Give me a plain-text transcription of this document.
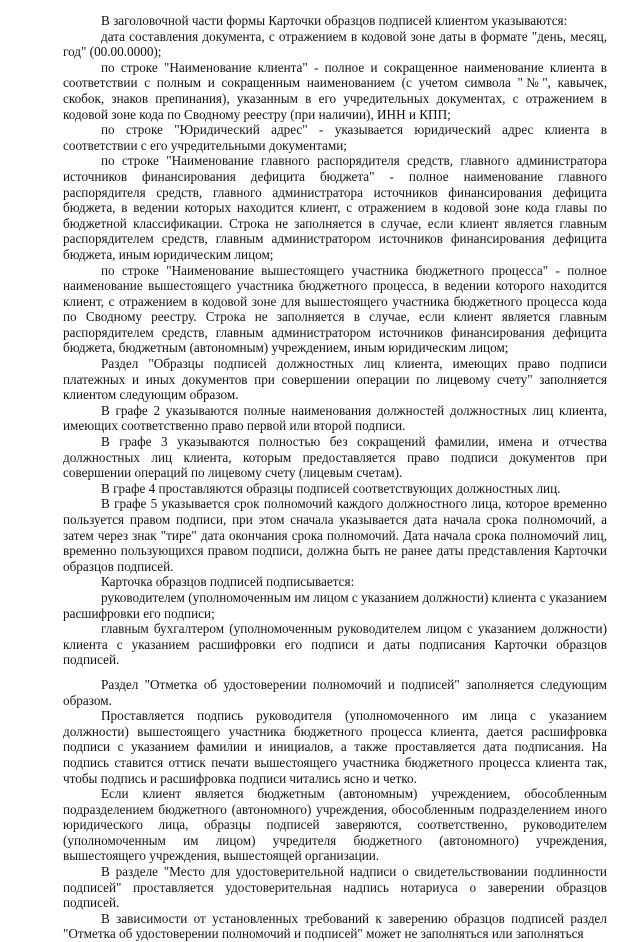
В заголовочной части формы Карточки образцов подписей клиентом указываются:

дата составления документа, с отражением в кодовой зоне даты в формате "день, месяц, год" (00.00.0000);

по строке "Наименование клиента" - полное и сокращенное наименование клиента в соответствии с полным и сокращенным наименованием (с учетом символа "№", кавычек, скобок, знаков препинания), указанным в его учредительных документах, с отражением в кодовой зоне кода по Сводному реестру (при наличии), ИНН и КПП;

по строке "Юридический адрес" - указывается юридический адрес клиента в соответствии с его учредительными документами;

по строке "Наименование главного распорядителя средств, главного администратора источников финансирования дефицита бюджета" - полное наименование главного распорядителя средств, главного администратора источников финансирования дефицита бюджета, в ведении которых находится клиент, с отражением в кодовой зоне кода главы по бюджетной классификации. Строка не заполняется в случае, если клиент является главным распорядителем средств, главным администратором источников финансирования дефицита бюджета, иным юридическим лицом;

по строке "Наименование вышестоящего участника бюджетного процесса" - полное наименование вышестоящего участника бюджетного процесса, в ведении которого находится клиент, с отражением в кодовой зоне для вышестоящего участника бюджетного процесса кода по Сводному реестру. Строка не заполняется в случае, если клиент является главным распорядителем средств, главным администратором источников финансирования дефицита бюджета, бюджетным (автономным) учреждением, иным юридическим лицом;

Раздел "Образцы подписей должностных лиц клиента, имеющих право подписи платежных и иных документов при совершении операции по лицевому счету" заполняется клиентом следующим образом.

В графе 2 указываются полные наименования должностей должностных лиц клиента, имеющих соответственно право первой или второй подписи.

В графе 3 указываются полностью без сокращений фамилии, имена и отчества должностных лиц клиента, которым предоставляется право подписи документов при совершении операций по лицевому счету (лицевым счетам).

В графе 4 проставляются образцы подписей соответствующих должностных лиц.

В графе 5 указывается срок полномочий каждого должностного лица, которое временно пользуется правом подписи, при этом сначала указывается дата начала срока полномочий, а затем через знак "тире" дата окончания срока полномочий. Дата начала срока полномочий лиц, временно пользующихся правом подписи, должна быть не ранее даты представления Карточки образцов подписей.

Карточка образцов подписей подписывается:

руководителем (уполномоченным им лицом с указанием должности) клиента с указанием расшифровки его подписи;

главным бухгалтером (уполномоченным руководителем лицом с указанием должности) клиента с указанием расшифровки его подписи и даты подписания Карточки образцов подписей.

Раздел "Отметка об удостоверении полномочий и подписей" заполняется следующим образом.

Проставляется подпись руководителя (уполномоченного им лица с указанием должности) вышестоящего участника бюджетного процесса клиента, дается расшифровка подписи с указанием фамилии и инициалов, а также проставляется дата подписания. На подпись ставится оттиск печати вышестоящего участника бюджетного процесса клиента так, чтобы подпись и расшифровка подписи читались ясно и четко.

Если клиент является бюджетным (автономным) учреждением, обособленным подразделением бюджетного (автономного) учреждения, обособленным подразделением иного юридического лица, образцы подписей заверяются, соответственно, руководителем (уполномоченным им лицом) учредителя бюджетного (автономного) учреждения, вышестоящего учреждения, вышестоящей организации.

В разделе "Место для удостоверительной надписи о свидетельствовании подлинности подписей" проставляется удостоверительная надпись нотариуса о заверении образцов подписей.

В зависимости от установленных требований к заверению образцов подписей раздел "Отметка об удостоверении полномочий и подписей" может не заполняться или заполняться
